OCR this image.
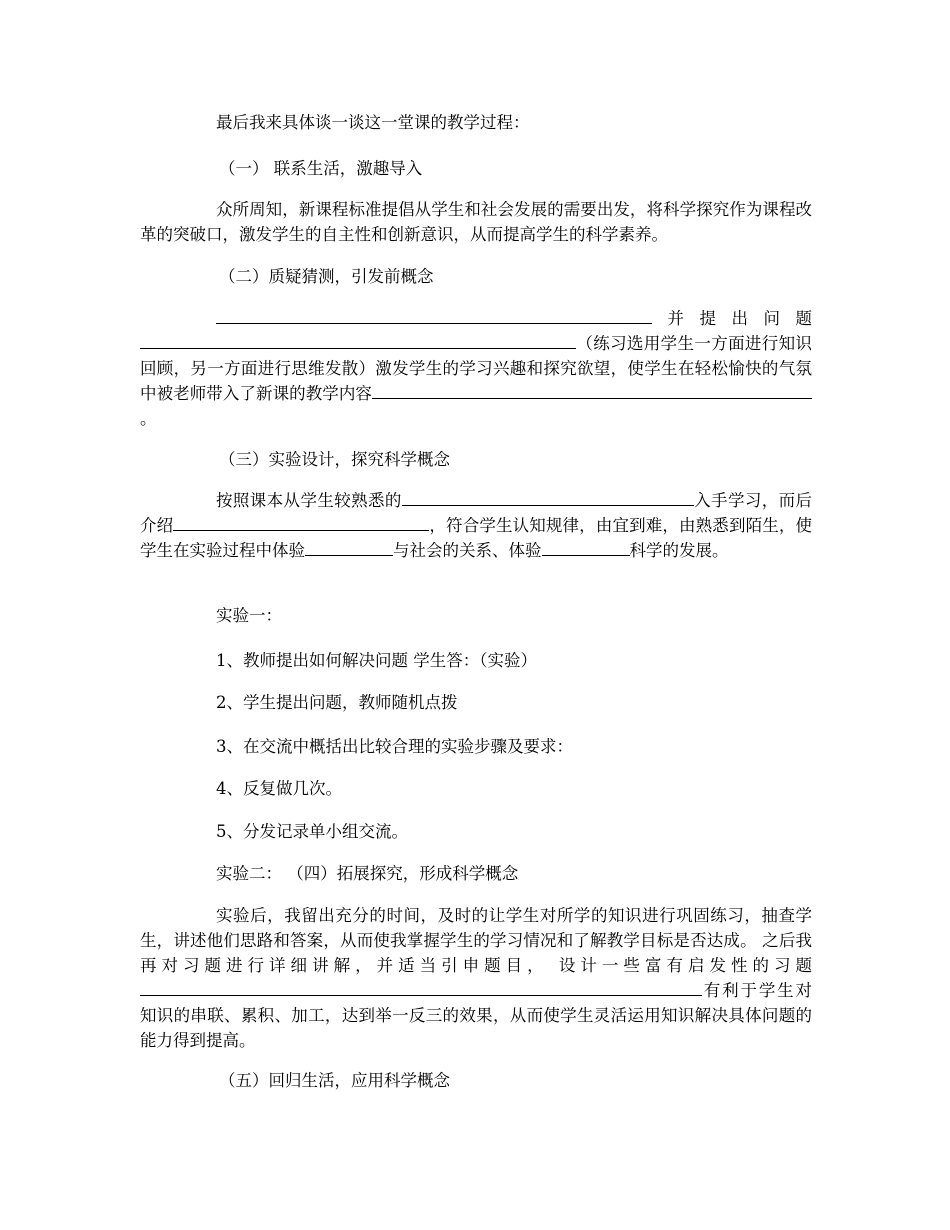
最后我来具体谈一谈这一堂课的教学过程：

（一） 联系生活，激趣导入

众所周知，新课程标准提倡从学生和社会发展的需要出发，将科学探究作为课程改革的突破口，激发学生的自主性和创新意识，从而提高学生的科学素养。

（二）质疑猜测，引发前概念

并提出问题（练习选用学生一方面进行知识回顾，另一方面进行思维发散）激发学生的学习兴趣和探究欲望，使学生在轻松愉快的气氛中被老师带入了新课的教学内容。

（三）实验设计，探究科学概念

按照课本从学生较熟悉的	入手学习，而后介绍	，符合学生认知规律，由宜到难，由熟悉到陌生，使学生在实验过程中体验	与社会的关系、体验	科学的发展。

实验一：

1、教师提出如何解决问题 学生答：（实验）

2、学生提出问题，教师随机点拨

3、在交流中概括出比较合理的实验步骤及要求：

4、反复做几次。

5、分发记录单小组交流。

实验二： （四）拓展探究，形成科学概念

实验后，我留出充分的时间，及时的让学生对所学的知识进行巩固练习，抽查学生，讲述他们思路和答案，从而使我掌握学生的学习情况和了解教学目标是否达成。 之后我再对习题进行详细讲解，并适当引申题目， 设计一些富有启发性的习题有利于学生对知识的串联、累积、加工，达到举一反三的效果，从而使学生灵活运用知识解决具体问题的能力得到提高。

（五）回归生活，应用科学概念
